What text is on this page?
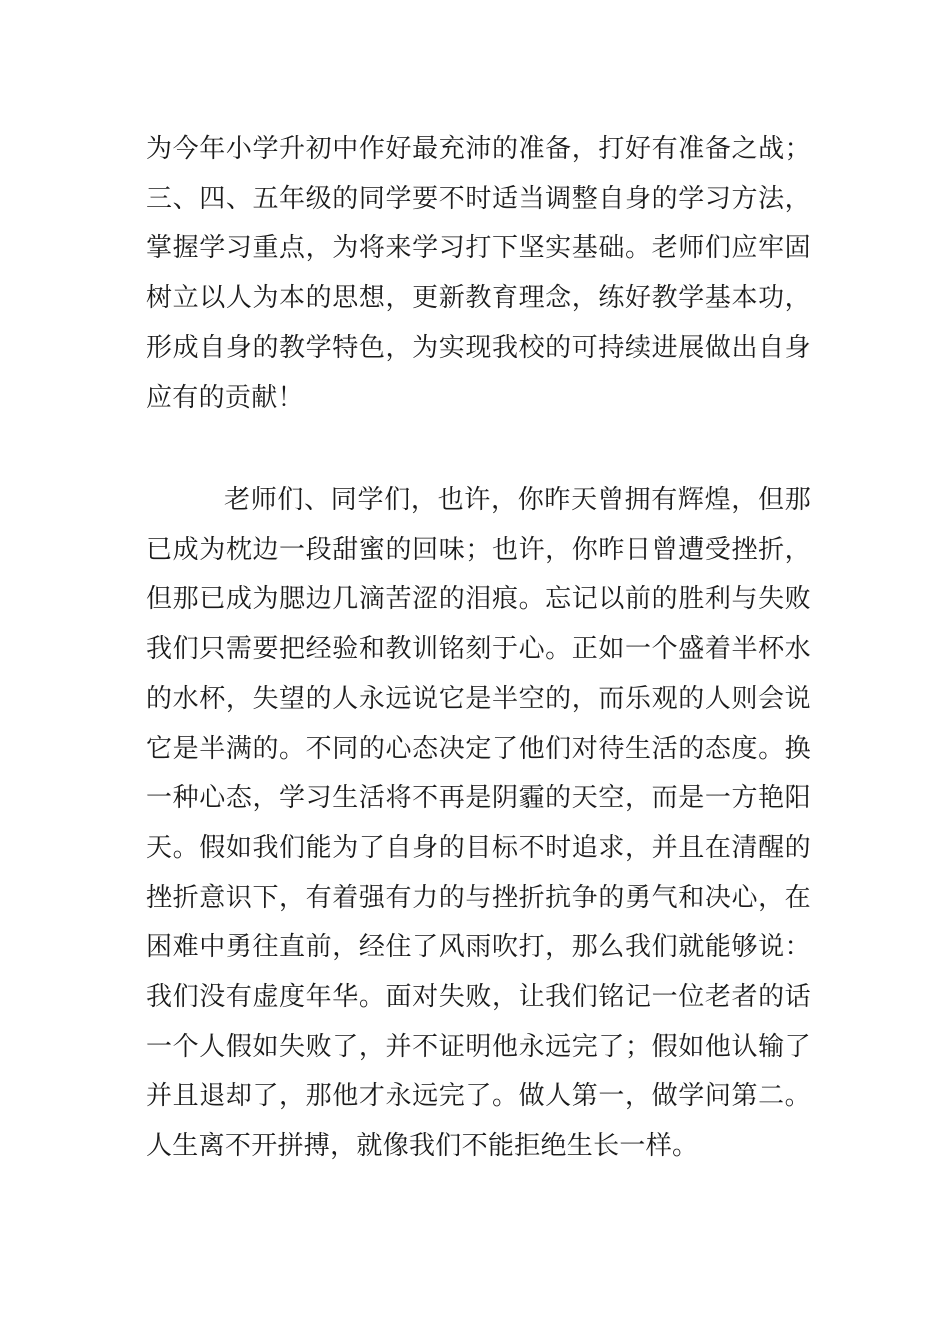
为今年小学升初中作好最充沛的准备，打好有准备之战；
三、四、五年级的同学要不时适当调整自身的学习方法，
掌握学习重点，为将来学习打下坚实基础。老师们应牢固
树立以人为本的思想，更新教育理念，练好教学基本功，
形成自身的教学特色，为实现我校的可持续进展做出自身
应有的贡献！
老师们、同学们，也许，你昨天曾拥有辉煌，但那
已成为枕边一段甜蜜的回味；也许，你昨日曾遭受挫折，
但那已成为腮边几滴苦涩的泪痕。忘记以前的胜利与失败
我们只需要把经验和教训铭刻于心。正如一个盛着半杯水
的水杯，失望的人永远说它是半空的，而乐观的人则会说
它是半满的。不同的心态决定了他们对待生活的态度。换
一种心态，学习生活将不再是阴霾的天空，而是一方艳阳
天。假如我们能为了自身的目标不时追求，并且在清醒的
挫折意识下，有着强有力的与挫折抗争的勇气和决心，在
困难中勇往直前，经住了风雨吹打，那么我们就能够说：
我们没有虚度年华。面对失败，让我们铭记一位老者的话
一个人假如失败了，并不证明他永远完了；假如他认输了
并且退却了，那他才永远完了。做人第一，做学问第二。
人生离不开拼搏，就像我们不能拒绝生长一样。
